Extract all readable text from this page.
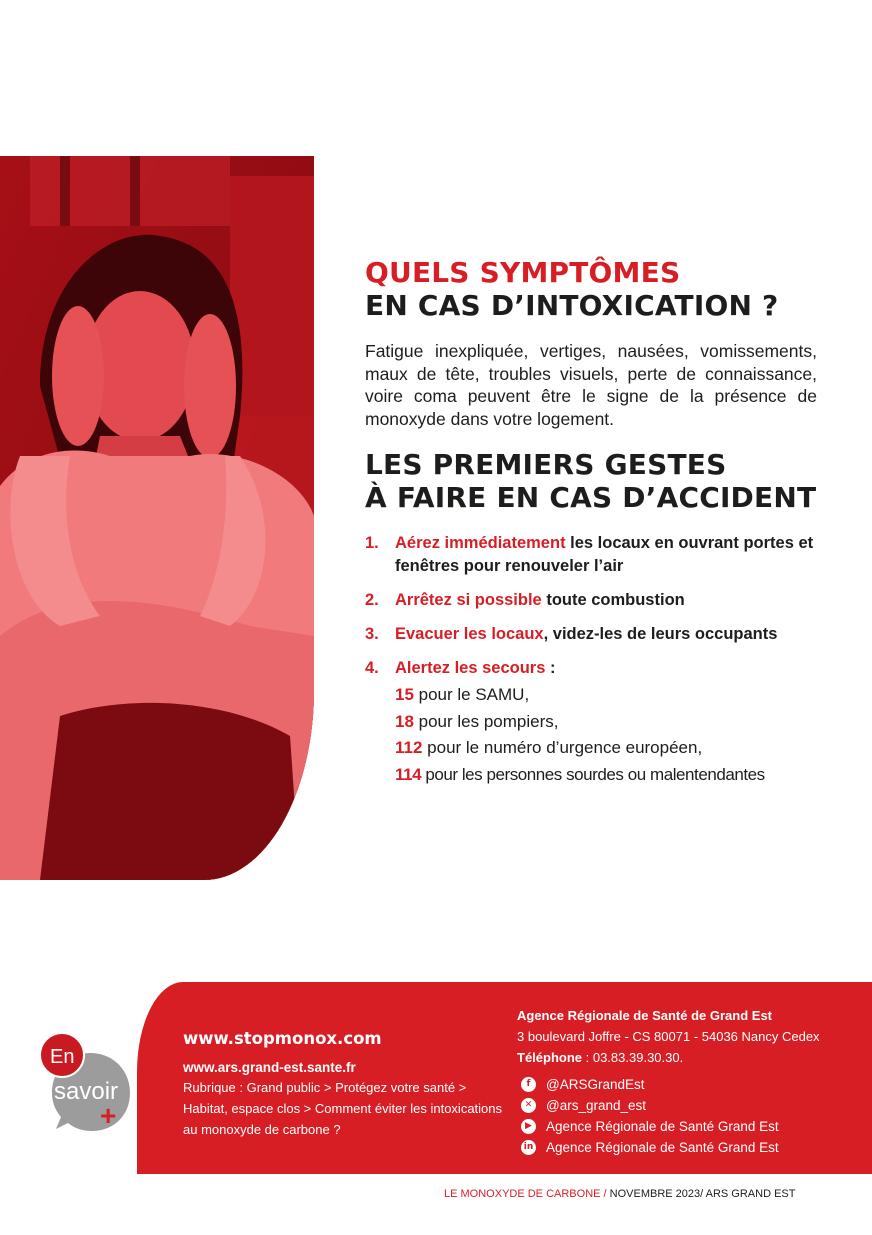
QUELS SYMPTÔMES
EN CAS D’INTOXICATION ?

Fatigue inexpliquée, vertiges, nausées, vomissements, maux de tête, troubles visuels, perte de connaissance, voire coma peuvent être le signe de la présence de monoxyde dans votre logement.

LES PREMIERS GESTES
À FAIRE EN CAS D’ACCIDENT
1. Aérez immédiatement les locaux en ouvrant portes et fenêtres pour renouveler l’air
2. Arrêtez si possible toute combustion
3. Evacuer les locaux, videz-les de leurs occupants
4. Alertez les secours :
15 pour le SAMU,
18 pour les pompiers,
112 pour le numéro d’urgence européen,
114 pour les personnes sourdes ou malentendantes
En
savoir
+
www.stopmonox.com
www.ars.grand-est.sante.fr
Rubrique : Grand public > Protégez votre santé > Habitat, espace clos > Comment éviter les intoxications au monoxyde de carbone ?
Agence Régionale de Santé de Grand Est
3 boulevard Joffre - CS 80071 - 54036 Nancy Cedex
Téléphone : 03.83.39.30.30.
f	@ARSGrandEst
✕ @ars_grand_est
▶ Agence Régionale de Santé Grand Est
in Agence Régionale de Santé Grand Est
LE MONOXYDE DE CARBONE / NOVEMBRE 2023/ ARS GRAND EST
